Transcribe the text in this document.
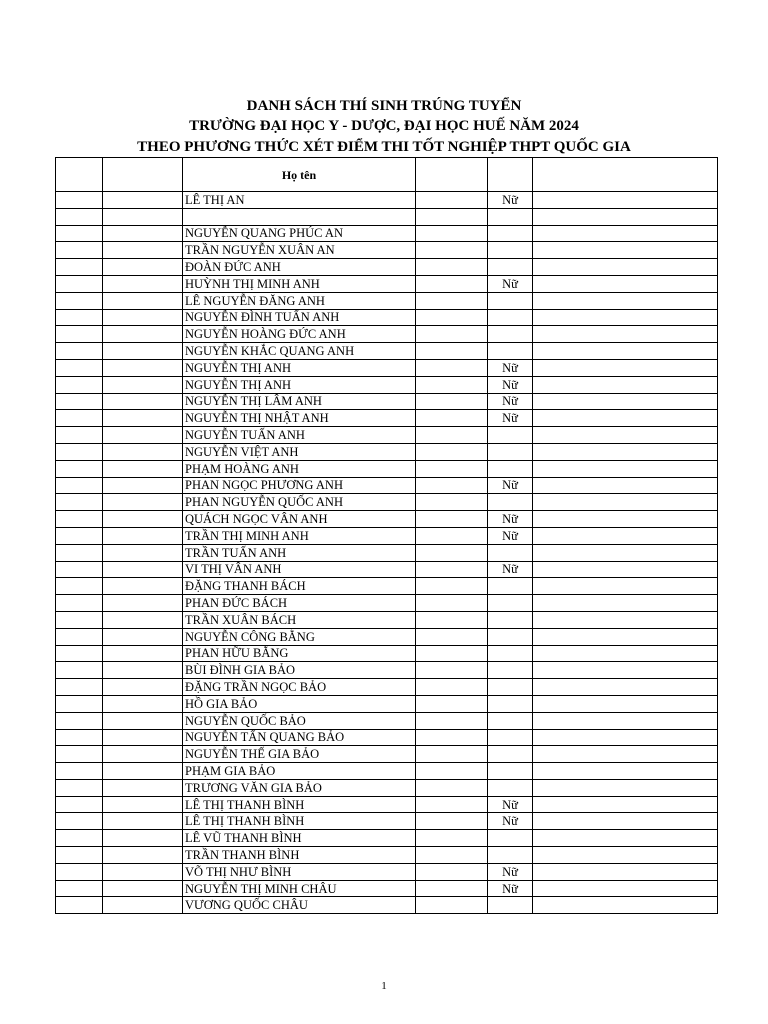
DANH SÁCH THÍ SINH TRÚNG TUYỂN
TRƯỜNG ĐẠI HỌC Y - DƯỢC, ĐẠI HỌC HUẾ NĂM 2024
THEO PHƯƠNG THỨC XÉT ĐIỂM THI TỐT NGHIỆP THPT QUỐC GIA
		Họ tên			
		LÊ THỊ AN		Nữ	

		NGUYỄN QUANG PHÚC AN			
		TRẦN NGUYỄN XUÂN AN			
		ĐOÀN ĐỨC ANH			
		HUỲNH THỊ MINH ANH		Nữ	
		LÊ NGUYỄN ĐĂNG ANH			
		NGUYỄN ĐÌNH TUẤN ANH			
		NGUYỄN HOÀNG ĐỨC ANH			
		NGUYỄN KHẮC QUANG ANH			
		NGUYỄN THỊ ANH		Nữ	
		NGUYỄN THỊ ANH		Nữ	
		NGUYỄN THỊ LÂM ANH		Nữ	
		NGUYỄN THỊ NHẬT ANH		Nữ	
		NGUYỄN TUẤN ANH			
		NGUYỄN VIỆT ANH			
		PHẠM HOÀNG ANH			
		PHAN NGỌC PHƯƠNG ANH		Nữ	
		PHAN NGUYỄN QUỐC ANH			
		QUÁCH NGỌC VÂN ANH		Nữ	
		TRẦN THỊ MINH ANH		Nữ	
		TRẦN TUẤN ANH			
		VI THỊ VÂN ANH		Nữ	
		ĐẶNG THANH BÁCH			
		PHAN ĐỨC BÁCH			
		TRẦN XUÂN BÁCH			
		NGUYỄN CÔNG BẰNG			
		PHAN HỮU BẰNG			
		BÙI ĐÌNH GIA BẢO			
		ĐẶNG TRẦN NGỌC BẢO			
		HỒ GIA BẢO			
		NGUYỄN QUỐC BẢO			
		NGUYỄN TẤN QUANG BẢO			
		NGUYỄN THẾ GIA BẢO			
		PHẠM GIA BẢO			
		TRƯƠNG VĂN GIA BẢO			
		LÊ THỊ THANH BÌNH		Nữ	
		LÊ THỊ THANH BÌNH		Nữ	
		LÊ VŨ THANH BÌNH			
		TRẦN THANH BÌNH			
		VÕ THỊ NHƯ BÌNH		Nữ	
		NGUYỄN THỊ MINH CHÂU		Nữ	
		VƯƠNG QUỐC CHÂU			
1
